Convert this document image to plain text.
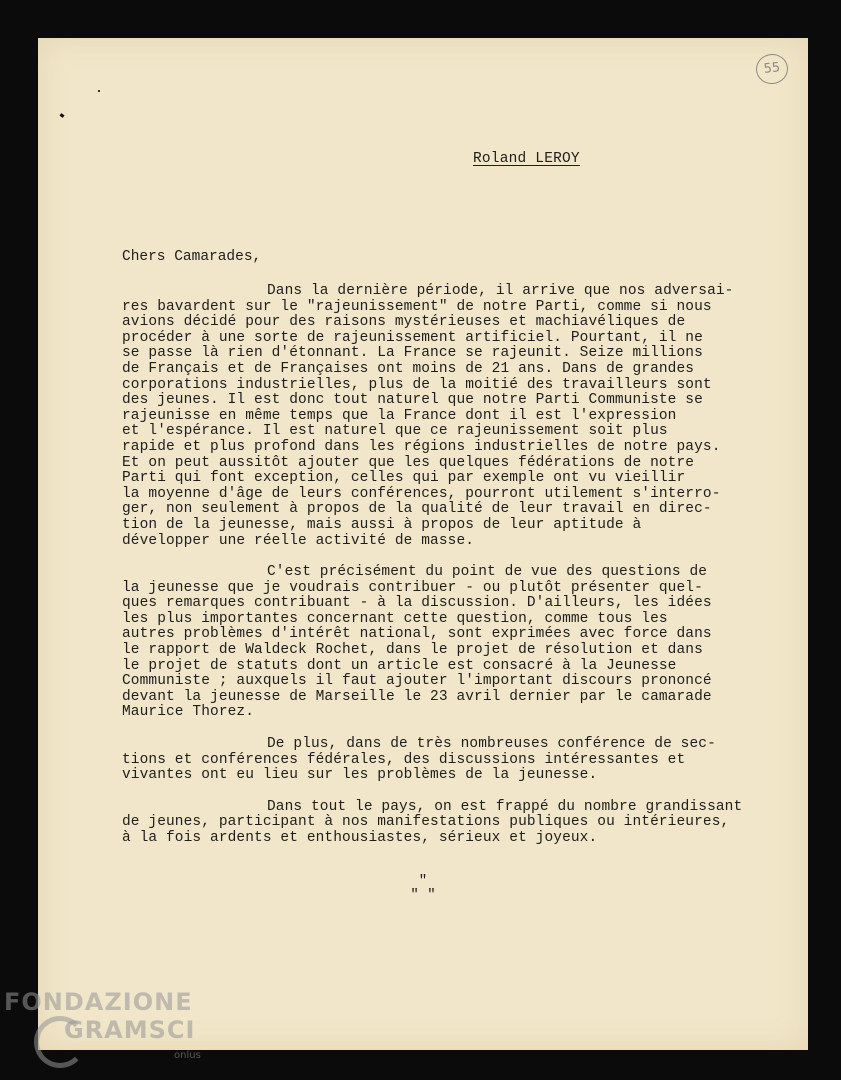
55
Roland LEROY
Chers Camarades,
Dans la dernière période, il arrive que nos adversai-
res bavardent sur le "rajeunissement" de notre Parti, comme si nous
avions décidé pour des raisons mystérieuses et machiavéliques de
procéder à une sorte de rajeunissement artificiel. Pourtant, il ne
se passe là rien d'étonnant. La France se rajeunit. Seize millions
de Français et de Françaises ont moins de 21 ans. Dans de grandes
corporations industrielles, plus de la moitié des travailleurs sont
des jeunes. Il est donc tout naturel que notre Parti Communiste se
rajeunisse en même temps que la France dont il est l'expression
et l'espérance. Il est naturel que ce rajeunissement soit plus
rapide et plus profond dans les régions industrielles de notre pays.
Et on peut aussitôt ajouter que les quelques fédérations de notre
Parti qui font exception, celles qui par exemple ont vu vieillir
la moyenne d'âge de leurs conférences, pourront utilement s'interro-
ger, non seulement à propos de la qualité de leur travail en direc-
tion de la jeunesse, mais aussi à propos de leur aptitude à
développer une réelle activité de masse.
C'est précisément du point de vue des questions de
la jeunesse que je voudrais contribuer - ou plutôt présenter quel-
ques remarques contribuant - à la discussion. D'ailleurs, les idées
les plus importantes concernant cette question, comme tous les
autres problèmes d'intérêt national, sont exprimées avec force dans
le rapport de Waldeck Rochet, dans le projet de résolution et dans
le projet de statuts dont un article est consacré à la Jeunesse
Communiste ; auxquels il faut ajouter l'important discours prononcé
devant la jeunesse de Marseille le 23 avril dernier par le camarade
Maurice Thorez.
De plus, dans de très nombreuses conférence de sec-
tions et conférences fédérales, des discussions intéressantes et
vivantes ont eu lieu sur les problèmes de la jeunesse.
Dans tout le pays, on est frappé du nombre grandissant
de jeunes, participant à nos manifestations publiques ou intérieures,
à la fois ardents et enthousiastes, sérieux et joyeux.
"
" "
FONDAZIONE
GRAMSCI
onlus
